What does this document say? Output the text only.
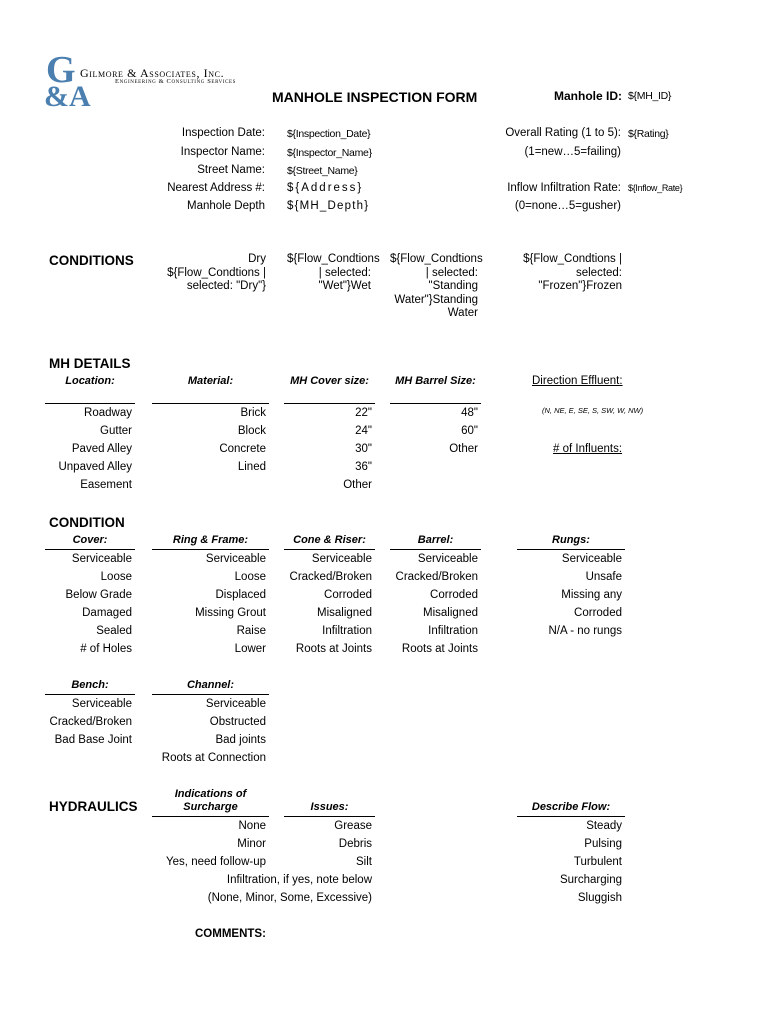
G
&A
Gilmore & Associates, Inc.
Engineering & Consulting Services
MANHOLE INSPECTION FORM	Manhole ID: ${MH_ID}
Inspection Date: ${Inspection_Date}
Inspector Name: ${Inspector_Name}
Street Name: ${Street_Name}
Nearest Address #: ${Address}
Manhole Depth ${MH_Depth}
Overall Rating (1 to 5): ${Rating}
(1=new…5=failing)
Inflow Infiltration Rate: ${Inflow_Rate}
(0=none…5=gusher)
CONDITIONS	Dry ${Flow_Condtions | selected: "Dry"}
${Flow_Condtions | selected: "Wet"}Wet
${Flow_Condtions | selected: "Standing Water"}Standing Water
${Flow_Condtions | selected: "Frozen"}Frozen
MH DETAILS
Location:
Roadway
Gutter
Paved Alley
Unpaved Alley
Easement
Material:
Brick
Block
Concrete
Lined
MH Cover size:
22"
24"
30"
36"
Other
MH Barrel Size:
48"
60"
Other
Direction Effluent:
(N, NE, E, SE, S, SW, W, NW)
# of Influents:
CONDITION
Cover:
Serviceable
Loose
Below Grade
Damaged
Sealed
# of Holes
Ring & Frame:
Serviceable
Loose
Displaced
Missing Grout
Raise
Lower
Cone & Riser:
Serviceable
Cracked/Broken
Corroded
Misaligned
Infiltration
Roots at Joints
Barrel:
Serviceable
Cracked/Broken
Corroded
Misaligned
Infiltration
Roots at Joints
Rungs:
Serviceable
Unsafe
Missing any
Corroded
N/A - no rungs
Bench:
Serviceable
Cracked/Broken
Bad Base Joint
Channel:
Serviceable
Obstructed
Bad joints
Roots at Connection
HYDRAULICS
Indications of Surcharge
None
Minor
Yes, need follow-up
Issues:
Grease
Debris
Silt
Infiltration, if yes, note below
(None, Minor, Some, Excessive)
Describe Flow:
Steady
Pulsing
Turbulent
Surcharging
Sluggish
COMMENTS:
